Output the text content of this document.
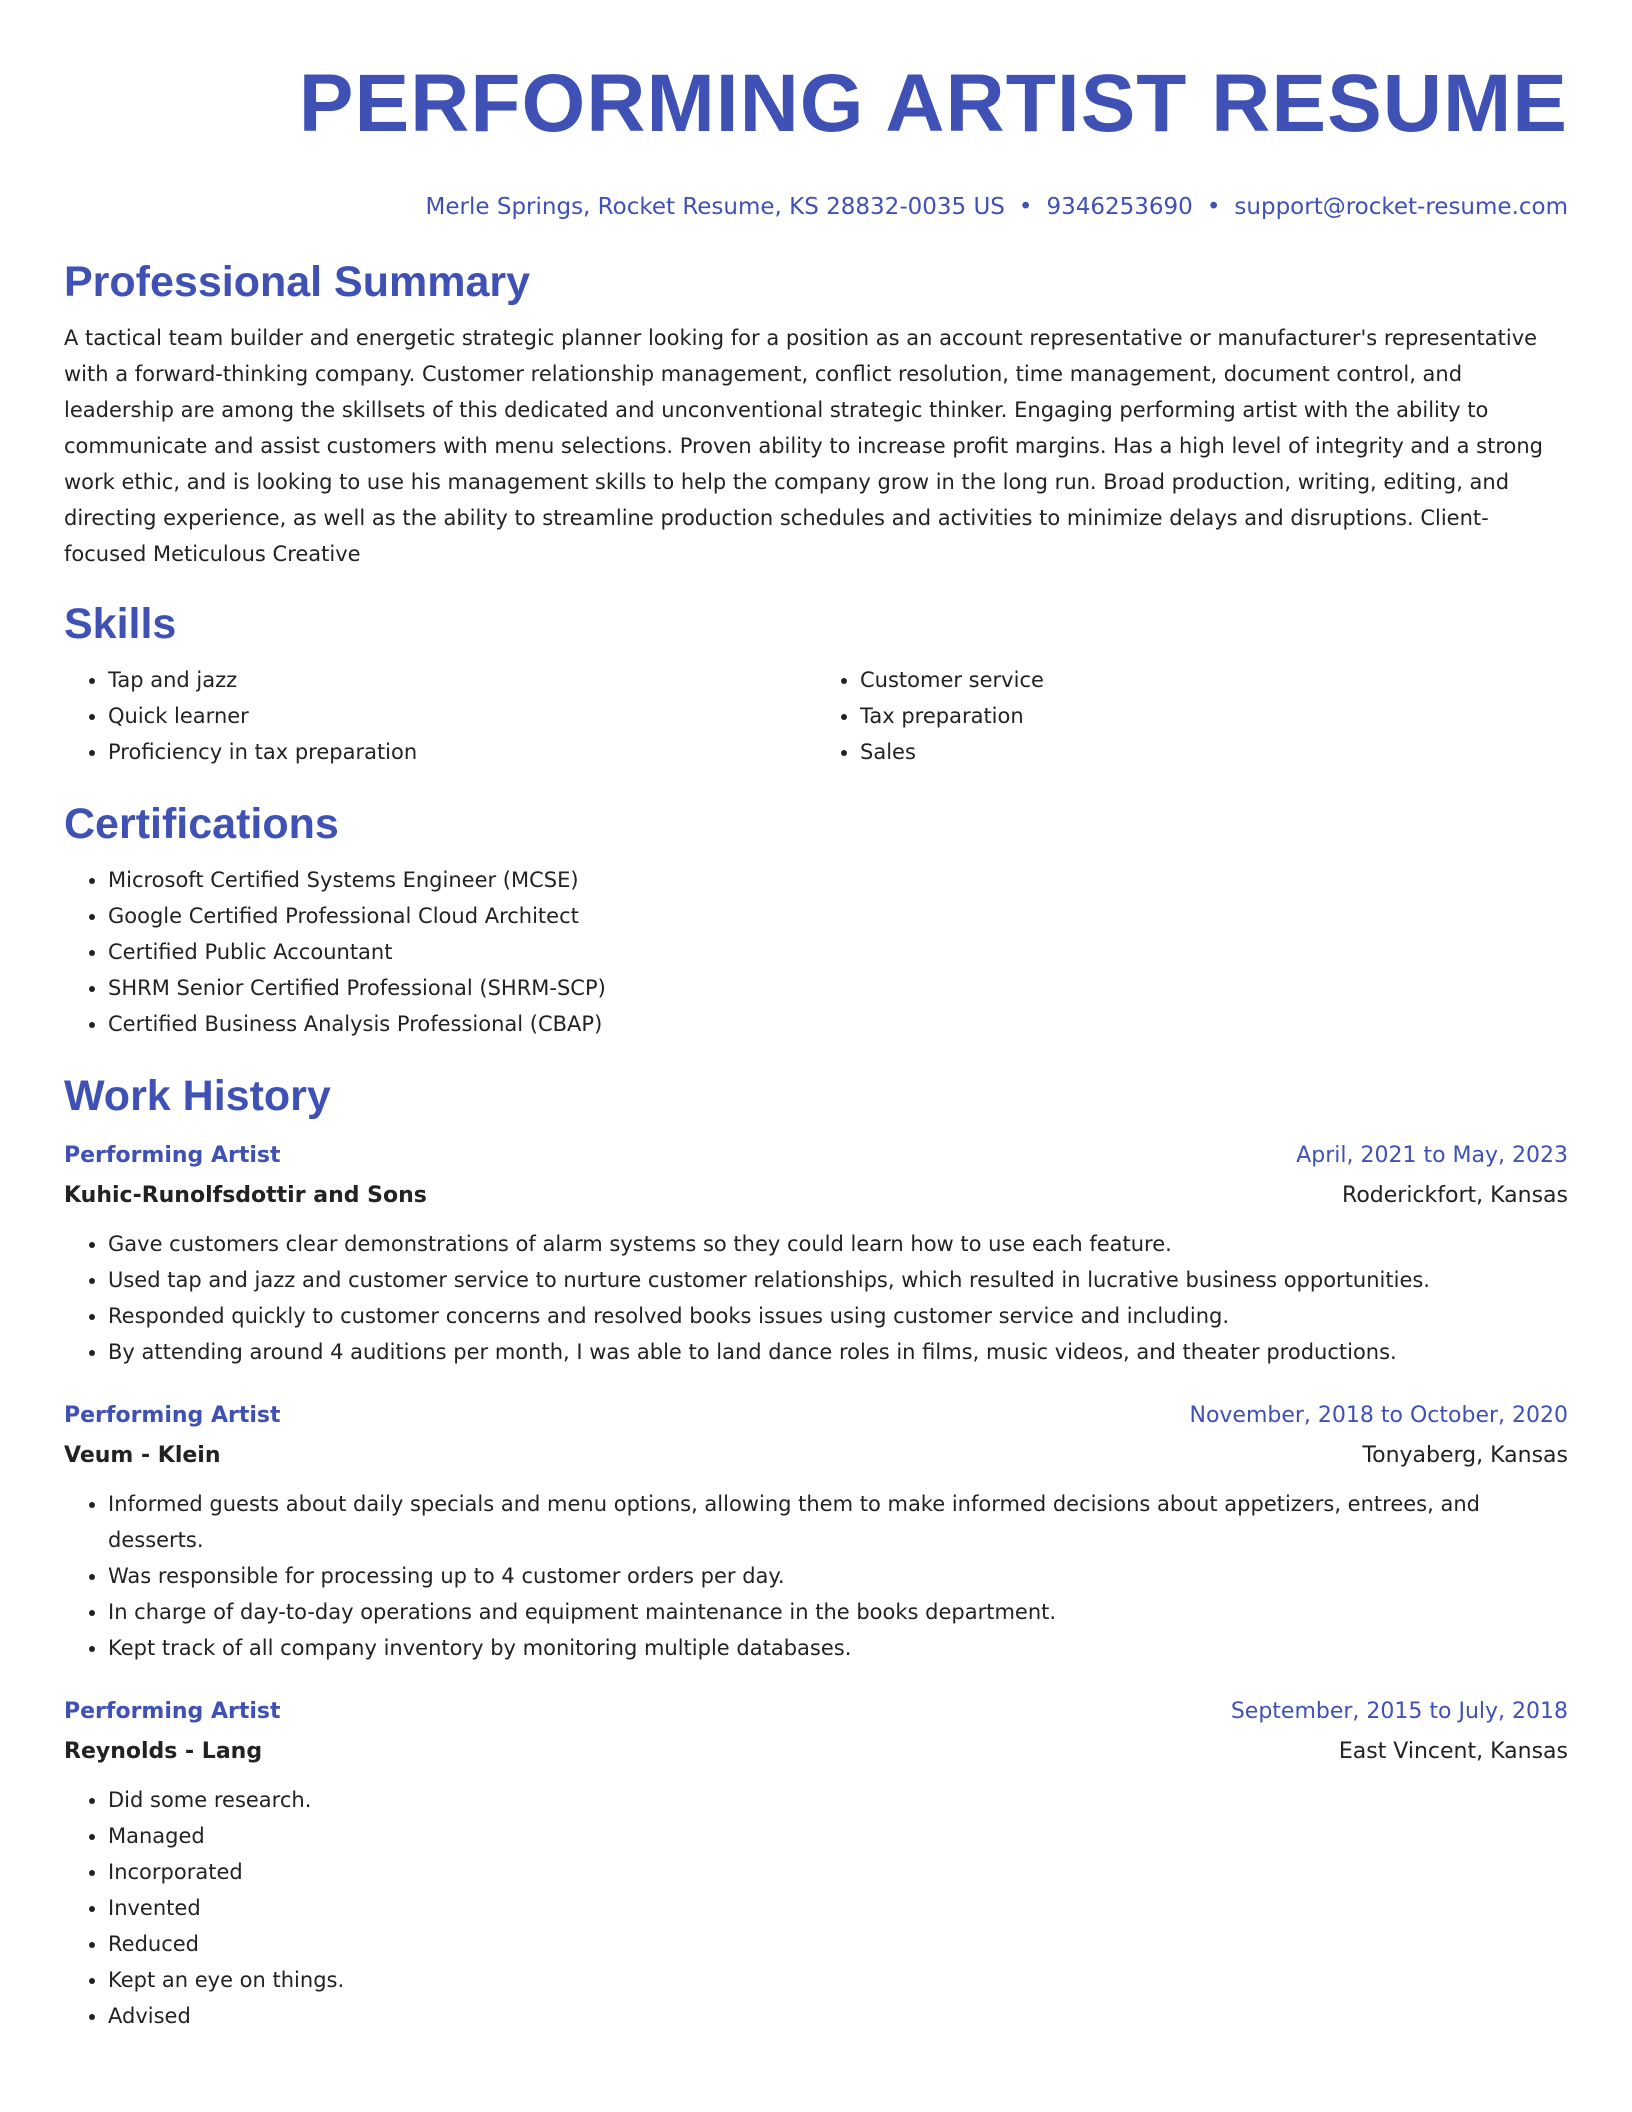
PERFORMING ARTIST RESUME
Merle Springs, Rocket Resume, KS 28832-0035 US • 9346253690 • support@rocket-resume.com
Professional Summary
A tactical team builder and energetic strategic planner looking for a position as an account representative or manufacturer's representative with a forward-thinking company. Customer relationship management, conflict resolution, time management, document control, and leadership are among the skillsets of this dedicated and unconventional strategic thinker. Engaging performing artist with the ability to communicate and assist customers with menu selections. Proven ability to increase profit margins. Has a high level of integrity and a strong work ethic, and is looking to use his management skills to help the company grow in the long run. Broad production, writing, editing, and directing experience, as well as the ability to streamline production schedules and activities to minimize delays and disruptions. Client-focused Meticulous Creative
Skills
• Tap and jazz
• Quick learner
• Proficiency in tax preparation
• Customer service
• Tax preparation
• Sales
Certifications
• Microsoft Certified Systems Engineer (MCSE)
• Google Certified Professional Cloud Architect
• Certified Public Accountant
• SHRM Senior Certified Professional (SHRM-SCP)
• Certified Business Analysis Professional (CBAP)
Work History
Performing Artist	April, 2021 to May, 2023
Kuhic-Runolfsdottir and Sons	Roderickfort, Kansas
• Gave customers clear demonstrations of alarm systems so they could learn how to use each feature.
• Used tap and jazz and customer service to nurture customer relationships, which resulted in lucrative business opportunities.
• Responded quickly to customer concerns and resolved books issues using customer service and including.
• By attending around 4 auditions per month, I was able to land dance roles in films, music videos, and theater productions.
Performing Artist	November, 2018 to October, 2020
Veum - Klein	Tonyaberg, Kansas
• Informed guests about daily specials and menu options, allowing them to make informed decisions about appetizers, entrees, and desserts.
• Was responsible for processing up to 4 customer orders per day.
• In charge of day-to-day operations and equipment maintenance in the books department.
• Kept track of all company inventory by monitoring multiple databases.
Performing Artist	September, 2015 to July, 2018
Reynolds - Lang	East Vincent, Kansas
• Did some research.
• Managed
• Incorporated
• Invented
• Reduced
• Kept an eye on things.
• Advised
